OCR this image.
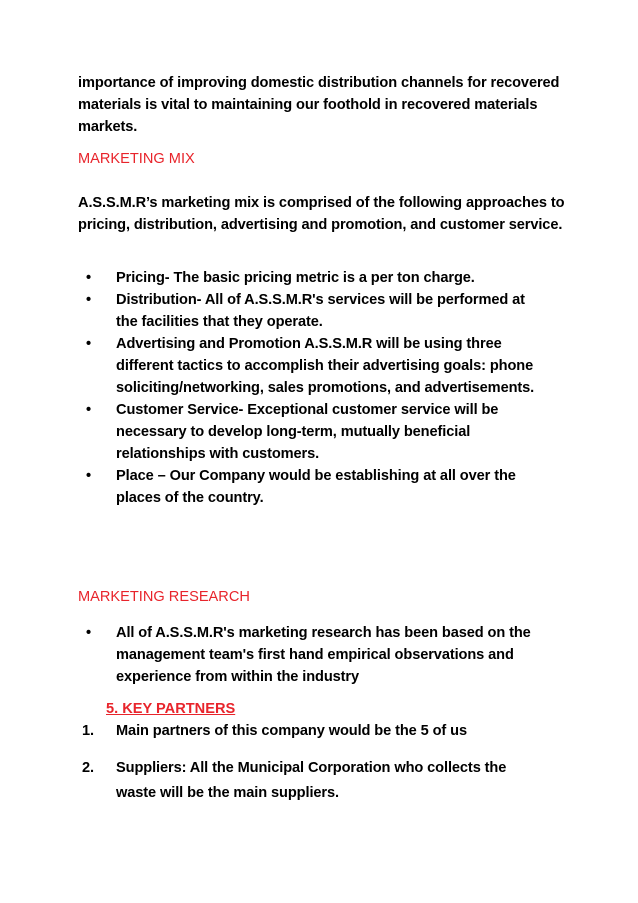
importance of improving domestic distribution channels for recovered materials is vital to maintaining our foothold in recovered materials markets.

MARKETING MIX

A.S.S.M.R’s marketing mix is comprised of the following approaches to pricing, distribution, advertising and promotion, and customer service.

• Pricing- The basic pricing metric is a per ton charge.
• Distribution- All of A.S.S.M.R's services will be performed at the facilities that they operate.
• Advertising and Promotion A.S.S.M.R will be using three different tactics to accomplish their advertising goals: phone soliciting/networking, sales promotions, and advertisements.
• Customer Service- Exceptional customer service will be necessary to develop long-term, mutually beneficial relationships with customers.
• Place – Our Company would be establishing at all over the places of the country.
MARKETING RESEARCH
• All of A.S.S.M.R's marketing research has been based on the management team's first hand empirical observations and experience from within the industry
5. KEY PARTNERS
1. Main partners of this company would be the 5 of us
2. Suppliers: All the Municipal Corporation who collects the waste will be the main suppliers.
